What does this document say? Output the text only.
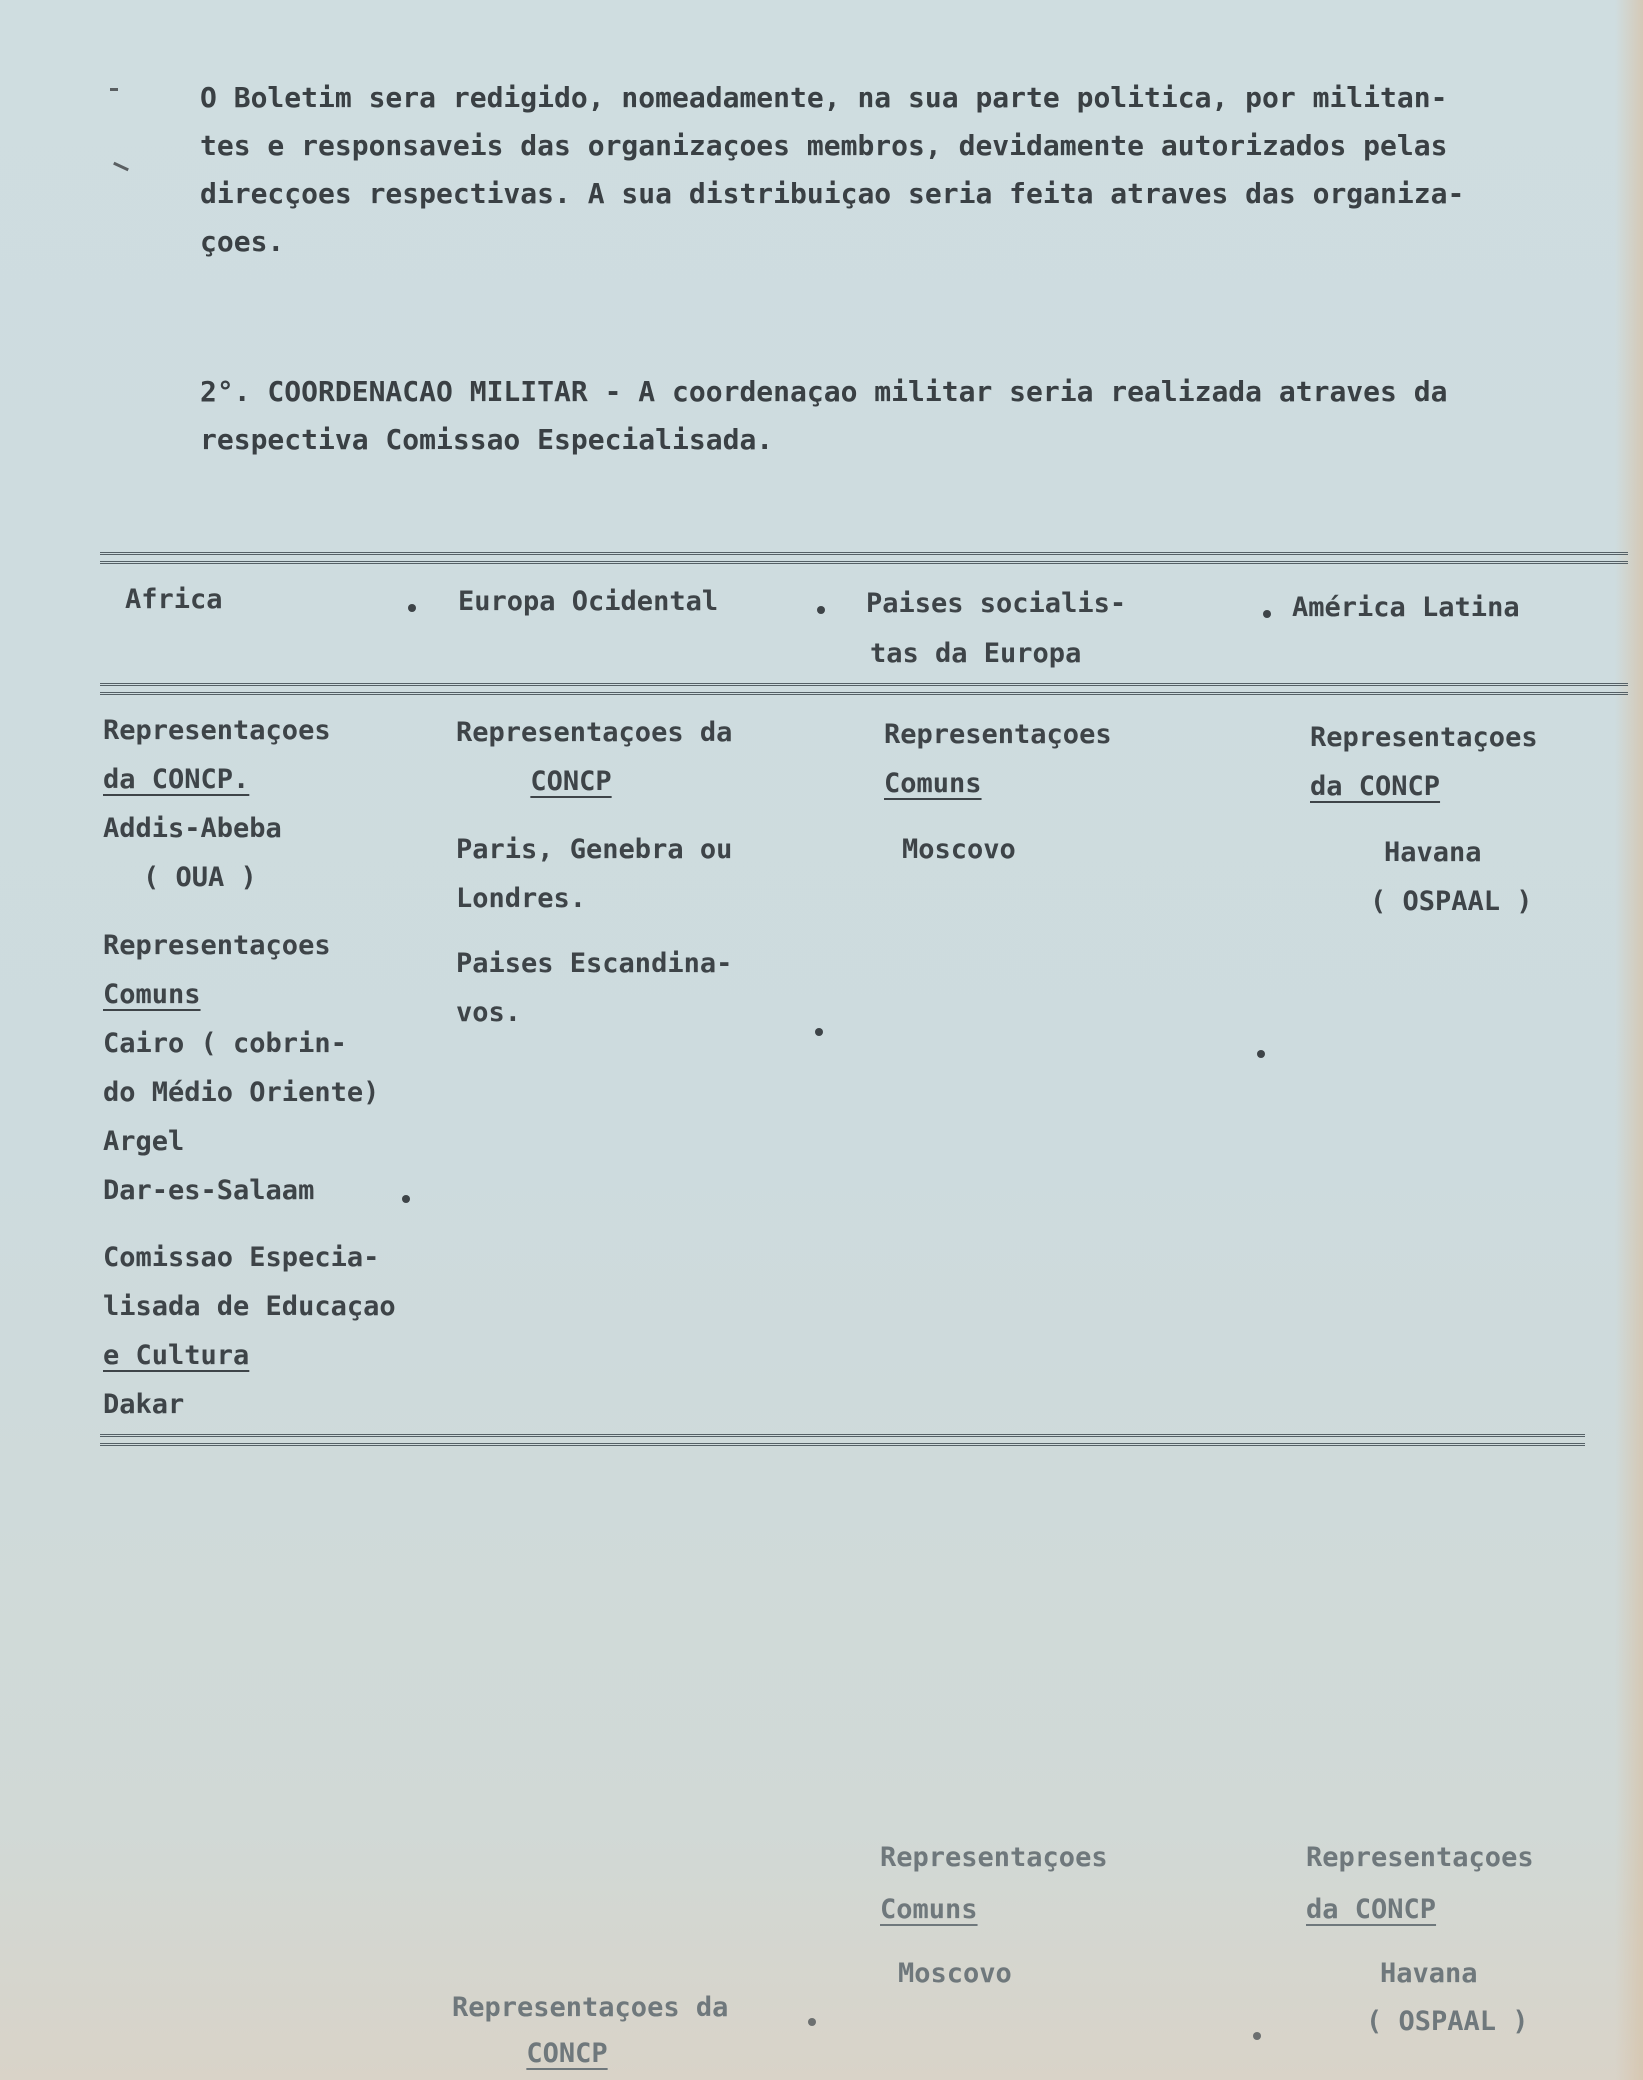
O Boletim sera redigido, nomeadamente, na sua parte politica, por militan-
tes e responsaveis das organizaçoes membros, devidamente autorizados pelas
direcçoes respectivas. A sua distribuiçao seria feita atraves das organiza-
çoes.
2°. COORDENACAO MILITAR - A coordenaçao militar seria realizada atraves da
respectiva Comissao Especialisada.
Africa	Europa Ocidental	Paises socialis-
tas da Europa
América Latina
Representaçoes
da CONCP.
Addis-Abeba
( OUA )
Representaçoes
Comuns
Cairo ( cobrin-
do Médio Oriente)
Argel
Dar-es-Salaam
Comissao Especia-
lisada de Educaçao
e Cultura
Dakar
Representaçoes da
CONCP
Paris, Genebra ou
Londres.
Paises Escandina-
vos.
Representaçoes
Comuns
Moscovo
Representaçoes
da CONCP
Havana
( OSPAAL )
Representaçoes
Comuns
Moscovo
Representaçoes
da CONCP
Havana
( OSPAAL )
Representaçoes da
CONCP
